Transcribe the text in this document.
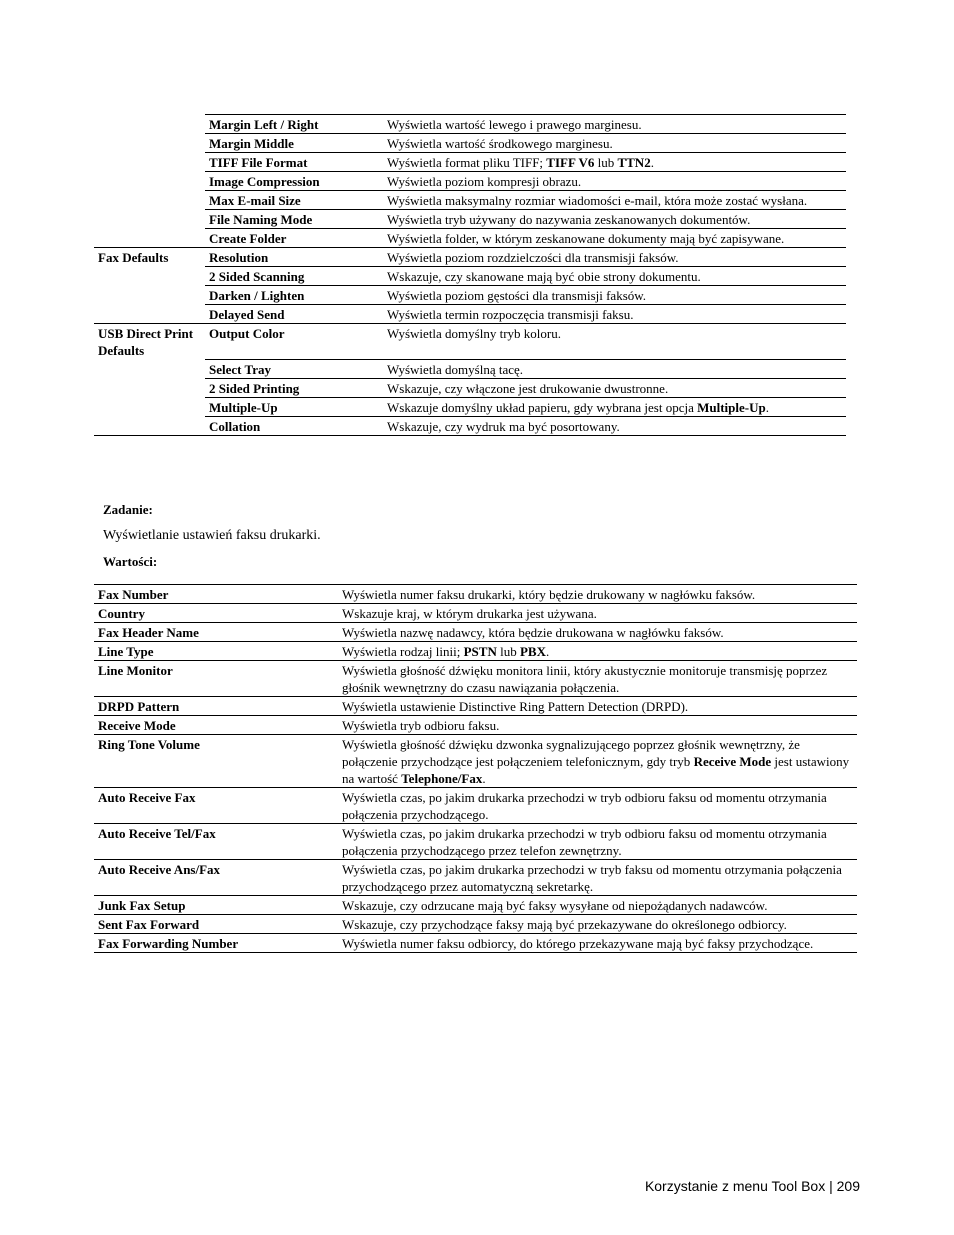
	Margin Left / Right	Wyświetla wartość lewego i prawego marginesu.
	Margin Middle	Wyświetla wartość środkowego marginesu.
	TIFF File Format	Wyświetla format pliku TIFF; TIFF V6 lub TTN2.
	Image Compression	Wyświetla poziom kompresji obrazu.
	Max E-mail Size	Wyświetla maksymalny rozmiar wiadomości e-mail, która może zostać wysłana.
	File Naming Mode	Wyświetla tryb używany do nazywania zeskanowanych dokumentów.
	Create Folder	Wyświetla folder, w którym zeskanowane dokumenty mają być zapisywane.
Fax Defaults	Resolution	Wyświetla poziom rozdzielczości dla transmisji faksów.
	2 Sided Scanning	Wskazuje, czy skanowane mają być obie strony dokumentu.
	Darken / Lighten	Wyświetla poziom gęstości dla transmisji faksów.
	Delayed Send	Wyświetla termin rozpoczęcia transmisji faksu.
USB Direct Print Defaults	Output Color	Wyświetla domyślny tryb koloru.
	Select Tray	Wyświetla domyślną tacę.
	2 Sided Printing	Wskazuje, czy włączone jest drukowanie dwustronne.
	Multiple-Up	Wskazuje domyślny układ papieru, gdy wybrana jest opcja Multiple-Up.
	Collation	Wskazuje, czy wydruk ma być posortowany.
Zadanie:
Wyświetlanie ustawień faksu drukarki.
Wartości:
Fax Number	Wyświetla numer faksu drukarki, który będzie drukowany w nagłówku faksów.
Country	Wskazuje kraj, w którym drukarka jest używana.
Fax Header Name	Wyświetla nazwę nadawcy, która będzie drukowana w nagłówku faksów.
Line Type	Wyświetla rodzaj linii; PSTN lub PBX.
Line Monitor	Wyświetla głośność dźwięku monitora linii, który akustycznie monitoruje transmisję poprzez głośnik wewnętrzny do czasu nawiązania połączenia.
DRPD Pattern	Wyświetla ustawienie Distinctive Ring Pattern Detection (DRPD).
Receive Mode	Wyświetla tryb odbioru faksu.
Ring Tone Volume	Wyświetla głośność dźwięku dzwonka sygnalizującego poprzez głośnik wewnętrzny, że połączenie przychodzące jest połączeniem telefonicznym, gdy tryb Receive Mode jest ustawiony na wartość Telephone/Fax.
Auto Receive Fax	Wyświetla czas, po jakim drukarka przechodzi w tryb odbioru faksu od momentu otrzymania połączenia przychodzącego.
Auto Receive Tel/Fax	Wyświetla czas, po jakim drukarka przechodzi w tryb odbioru faksu od momentu otrzymania połączenia przychodzącego przez telefon zewnętrzny.
Auto Receive Ans/Fax	Wyświetla czas, po jakim drukarka przechodzi w tryb faksu od momentu otrzymania połączenia przychodzącego przez automatyczną sekretarkę.
Junk Fax Setup	Wskazuje, czy odrzucane mają być faksy wysyłane od niepożądanych nadawców.
Sent Fax Forward	Wskazuje, czy przychodzące faksy mają być przekazywane do określonego odbiorcy.
Fax Forwarding Number	Wyświetla numer faksu odbiorcy, do którego przekazywane mają być faksy przychodzące.
Korzystanie z menu Tool Box | 209
